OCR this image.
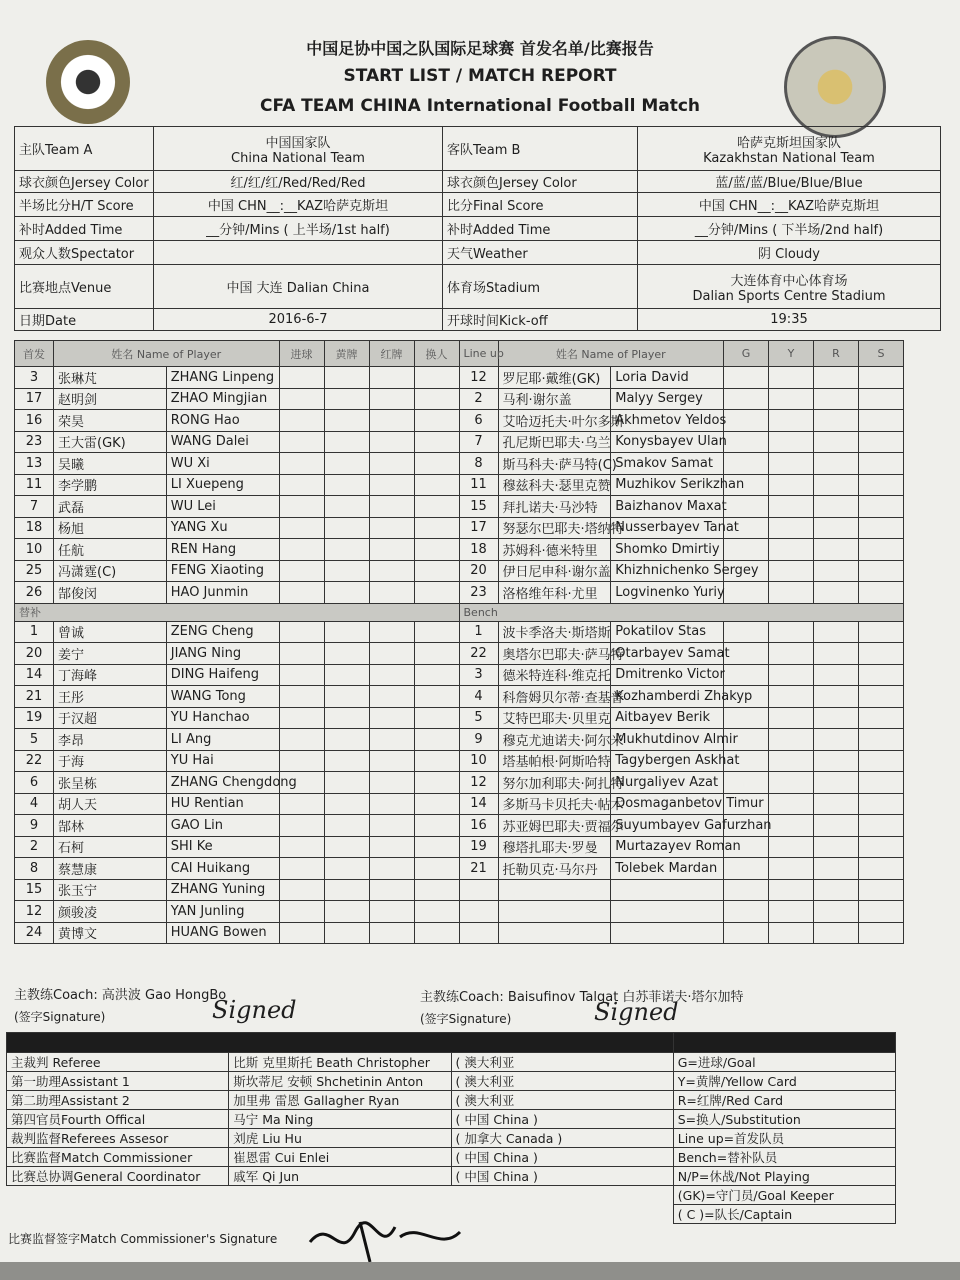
中国足协中国之队国际足球赛 首发名单/比赛报告
START LIST / MATCH REPORT
CFA TEAM CHINA International Football Match
主队Team A	中国国家队
China National Team	客队Team B	哈萨克斯坦国家队
Kazakhstan National Team
球衣颜色Jersey Color	红/红/红/Red/Red/Red	球衣颜色Jersey Color	蓝/蓝/蓝/Blue/Blue/Blue
半场比分H/T Score	中国 CHN__:__KAZ哈萨克斯坦	比分Final Score	中国 CHN__:__KAZ哈萨克斯坦
补时Added Time	__分钟/Mins ( 上半场/1st half)	补时Added Time	__分钟/Mins ( 下半场/2nd half)
观众人数Spectator		天气Weather	阴 Cloudy
比赛地点Venue	中国 大连 Dalian China	体育场Stadium	大连体育中心体育场
Dalian Sports Centre Stadium
日期Date	2016-6-7	开球时间Kick-off	19:35
首发	姓名 Name of Player		进球	黄牌	红牌	换人	Line up	姓名 Name of Player		G	Y	R	S
3	张琳芃	ZHANG Linpeng					12	罗尼耶·戴维(GK)	Loria David				
17	赵明剑	ZHAO Mingjian					2	马利·谢尔盖	Malyy Sergey				
16	荣昊	RONG Hao					6	艾哈迈托夫·叶尔多斯	Akhmetov Yeldos				
23	王大雷(GK)	WANG Dalei					7	孔尼斯巴耶夫·乌兰	Konysbayev Ulan				
13	吴曦	WU Xi					8	斯马科夫·萨马特(C)	Smakov Samat				
11	李学鹏	LI Xuepeng					11	穆兹科夫·瑟里克赞	Muzhikov Serikzhan				
7	武磊	WU Lei					15	拜扎诺夫·马沙特	Baizhanov Maxat				
18	杨旭	YANG Xu					17	努瑟尔巴耶夫·塔纳特	Nusserbayev Tanat				
10	任航	REN Hang					18	苏姆科·德米特里	Shomko Dmirtiy				
25	冯潇霆(C)	FENG Xiaoting					20	伊日尼申科·谢尔盖	Khizhnichenko Sergey				
26	郜俊闵	HAO Junmin					23	洛格维年科·尤里	Logvinenko Yuriy				
替补							Bench						
1	曾诚	ZENG Cheng					1	波卡季洛夫·斯塔斯	Pokatilov Stas				
20	姜宁	JIANG Ning					22	奥塔尔巴耶夫·萨马特	Otarbayev Samat				
14	丁海峰	DING Haifeng					3	德米特连科·维克托	Dmitrenko Victor				
21	王彤	WANG Tong					4	科詹姆贝尔蒂·查基普	Kozhamberdi Zhakyp				
19	于汉超	YU Hanchao					5	艾特巴耶夫·贝里克	Aitbayev Berik				
5	李昂	LI Ang					9	穆克尤迪诺夫·阿尔米	Mukhutdinov Almir				
22	于海	YU Hai					10	塔基帕根·阿斯哈特	Tagybergen Askhat				
6	张呈栋	ZHANG Chengdong					12	努尔加利耶夫·阿扎特	Nurgaliyev Azat				
4	胡人天	HU Rentian					14	多斯马卡贝托夫·帖木	Dosmaganbetov Timur				
9	郜林	GAO Lin					16	苏亚姆巴耶夫·贾福尔	Suyumbayev Gafurzhan				
2	石柯	SHI Ke					19	穆塔扎耶夫·罗曼	Murtazayev Roman				
8	蔡慧康	CAI Huikang					21	托勒贝克·马尔丹	Tolebek Mardan				
15	张玉宁	ZHANG Yuning											
12	颜骏凌	YAN Junling											
24	黄博文	HUANG Bowen											
主教练Coach: 高洪波 Gao HongBo
(签字Signature)	Signed	主教练Coach: Baisufinov Talgat 白苏菲诺夫·塔尔加特
(签字Signature)	Signed

主裁判 Referee	比斯 克里斯托 Beath Christopher	( 澳大利亚	G=进球/Goal
第一助理Assistant 1	斯坎蒂尼 安顿 Shchetinin Anton	( 澳大利亚	Y=黄牌/Yellow Card
第二助理Assistant 2	加里弗 雷恩 Gallagher Ryan	( 澳大利亚	R=红牌/Red Card
第四官员Fourth Offical	马宁 Ma Ning	( 中国 China )	S=换人/Substitution
裁判监督Referees Assesor	刘虎 Liu Hu	( 加拿大 Canada )	Line up=首发队员
比赛监督Match Commissioner	崔恩雷 Cui Enlei	( 中国 China )	Bench=替补队员
比赛总协调General Coordinator	戚军 Qi Jun	( 中国 China )	N/P=休战/Not Playing
			(GK)=守门员/Goal Keeper
			( C )=队长/Captain
比赛监督签字Match Commissioner's Signature
